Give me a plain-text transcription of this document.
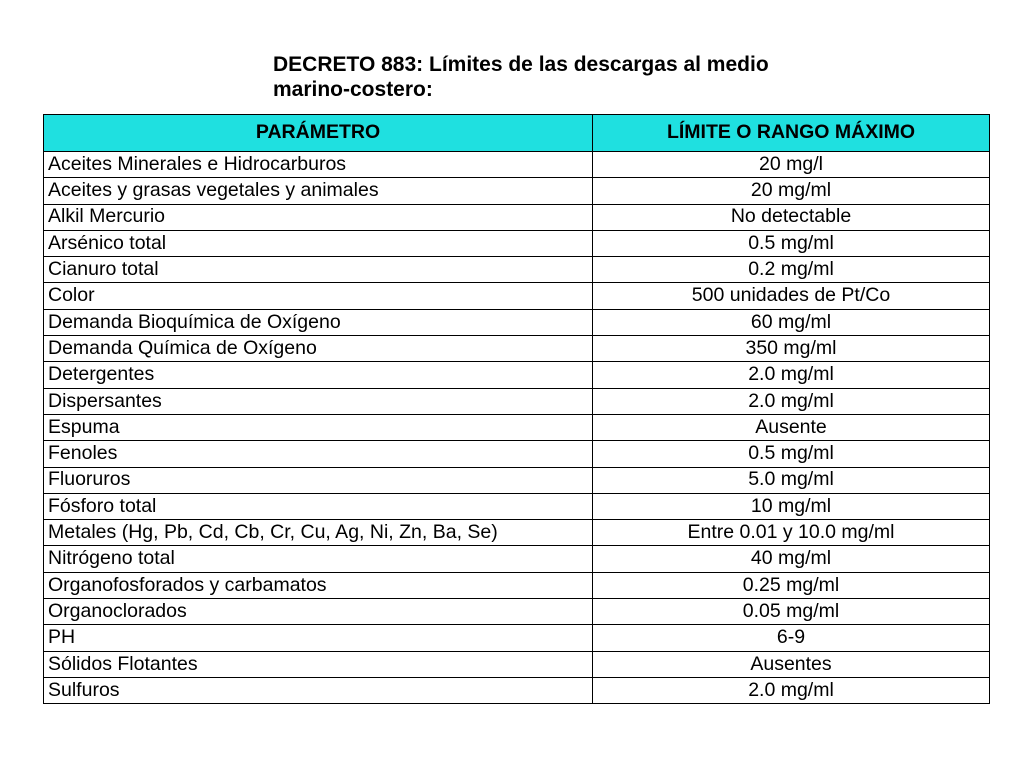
DECRETO 883: Límites de las descargas al medio
marino-costero:
PARÁMETRO	LÍMITE O RANGO MÁXIMO
Aceites Minerales e Hidrocarburos	20 mg/l
Aceites y grasas vegetales y animales	20 mg/ml
Alkil Mercurio	No detectable
Arsénico total	0.5 mg/ml
Cianuro total	0.2 mg/ml
Color	500 unidades de Pt/Co
Demanda Bioquímica de Oxígeno	60 mg/ml
Demanda Química de Oxígeno	350 mg/ml
Detergentes	2.0 mg/ml
Dispersantes	2.0 mg/ml
Espuma	Ausente
Fenoles	0.5 mg/ml
Fluoruros	5.0 mg/ml
Fósforo total	10 mg/ml
Metales (Hg, Pb, Cd, Cb, Cr, Cu, Ag, Ni, Zn, Ba, Se)	Entre 0.01 y 10.0 mg/ml
Nitrógeno total	40 mg/ml
Organofosforados y carbamatos	0.25 mg/ml
Organoclorados	0.05 mg/ml
PH	6-9
Sólidos Flotantes	Ausentes
Sulfuros	2.0 mg/ml
